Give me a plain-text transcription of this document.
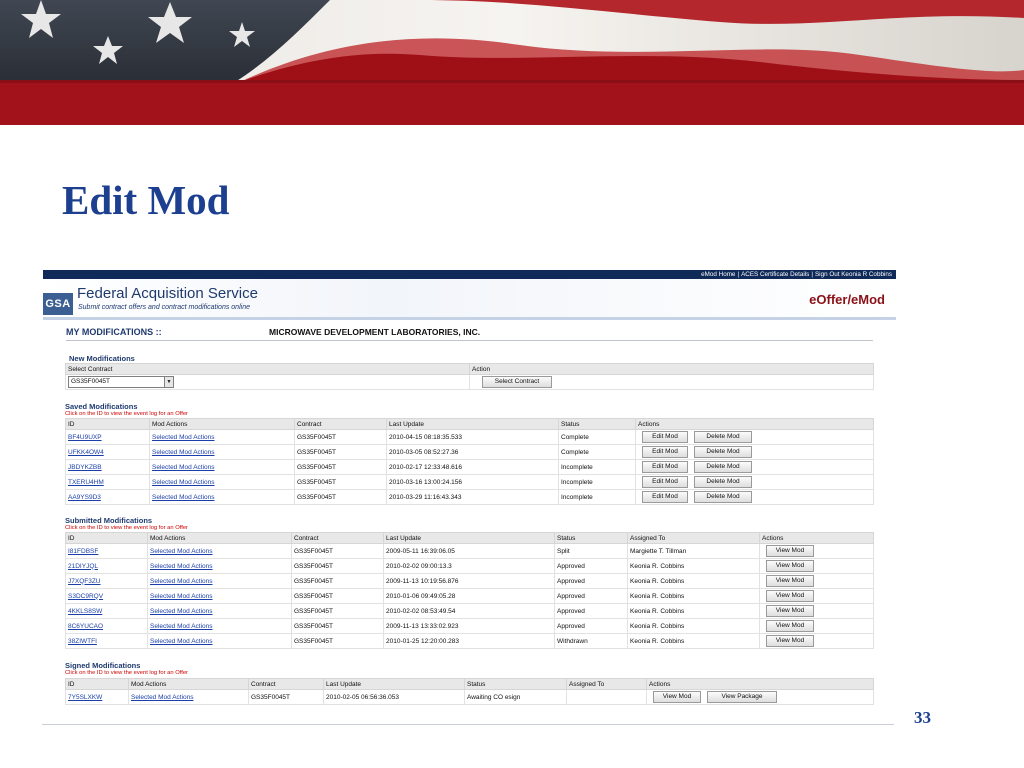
Edit Mod
eMod Home | ACES Certificate Details | Sign Out Keonia R Cobbins
GSA
Federal Acquisition Service
Submit contract offers and contract modifications online
eOffer/eMod
MY MODIFICATIONS ::	MICROWAVE DEVELOPMENT LABORATORIES, INC.
New Modifications
Select Contract	Action
GS35F0045T ▼	Select Contract
Saved Modifications
Click on the ID to view the event log for an Offer
ID	Mod Actions	Contract	Last Update	Status	Actions
BF4U9UXP	Selected Mod Actions	GS35F0045T	2010-04-15 08:18:35.533	Complete	Edit Mod Delete Mod
UFKK4OW4	Selected Mod Actions	GS35F0045T	2010-03-05 08:52:27.36	Complete	Edit Mod Delete Mod
JBDYKZBB	Selected Mod Actions	GS35F0045T	2010-02-17 12:33:48.616	Incomplete	Edit Mod Delete Mod
TXERU4HM	Selected Mod Actions	GS35F0045T	2010-03-16 13:00:24.156	Incomplete	Edit Mod Delete Mod
AA9YS9D3	Selected Mod Actions	GS35F0045T	2010-03-29 11:16:43.343	Incomplete	Edit Mod Delete Mod
Submitted Modifications
Click on the ID to view the event log for an Offer
ID	Mod Actions	Contract	Last Update	Status	Assigned To	Actions
I81FDBSF	Selected Mod Actions	GS35F0045T	2009-05-11 16:39:06.05	Split	Margiette T. Tillman	View Mod
21DIYJQL	Selected Mod Actions	GS35F0045T	2010-02-02 09:00:13.3	Approved	Keonia R. Cobbins	View Mod
J7XQF3ZU	Selected Mod Actions	GS35F0045T	2009-11-13 10:19:56.876	Approved	Keonia R. Cobbins	View Mod
S3DC9RQV	Selected Mod Actions	GS35F0045T	2010-01-06 09:49:05.28	Approved	Keonia R. Cobbins	View Mod
4KKLS8SW	Selected Mod Actions	GS35F0045T	2010-02-02 08:53:49.54	Approved	Keonia R. Cobbins	View Mod
8C6YUCAO	Selected Mod Actions	GS35F0045T	2009-11-13 13:33:02.923	Approved	Keonia R. Cobbins	View Mod
38ZIWTFI	Selected Mod Actions	GS35F0045T	2010-01-25 12:20:00.283	Withdrawn	Keonia R. Cobbins	View Mod
Signed Modifications
Click on the ID to view the event log for an Offer
ID	Mod Actions	Contract	Last Update	Status	Assigned To	Actions
7Y5SLXKW	Selected Mod Actions	GS35F0045T	2010-02-05 06:56:36.053	Awaiting CO esign		View Mod View Package
33
